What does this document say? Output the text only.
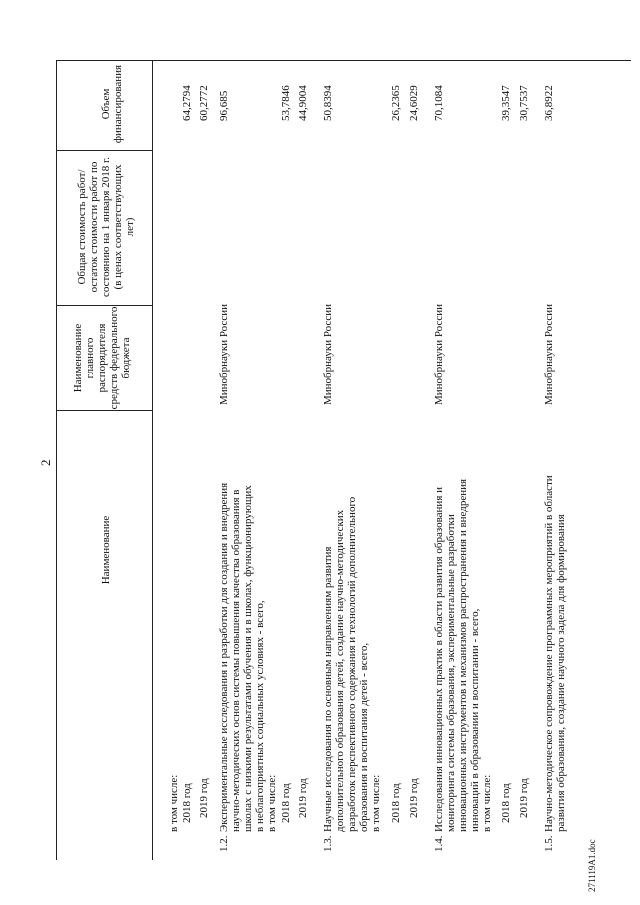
2
Наименование
Наименование
главного
распорядителя
средств федерального
бюджета
Общая стоимость работ/
остаток стоимости работ по
состоянию на 1 января 2018 г.
(в ценах соответствующих
лет)
Объем
финансирования
в том числе: 2018 год 2019 год
64,2794 60,2772
1.2.
Экспериментальные исследования и разработки для создания и внедрения научно-методических основ системы повышения качества образования в школах с низкими результатами обучения и в школах, функционирующих в неблагоприятных социальных условиях - всего, в том числе:
Минобрнауки России
96,685
2018 год 2019 год
53,7846 44,9004
1.3.
Научные исследования по основным направлениям развития дополнительного образования детей, создание научно-методических разработок перспективного содержания и технологий дополнительного образования и воспитания детей - всего, в том числе:
Минобрнауки России
50,8394
2018 год 2019 год
26,2365 24,6029
1.4.
Исследования инновационных практик в области развития образования и мониторинга системы образования, экспериментальные разработки инновационных инструментов и механизмов распространения и внедрения инноваций в образовании и воспитании - всего, в том числе:
Минобрнауки России
70,1084
2018 год 2019 год
39,3547 30,7537
1.5.
Научно-методическое сопровождение программных мероприятий в области развития образования, создание научного задела для формирования
Минобрнауки России
36,8922
271119A1.doc
